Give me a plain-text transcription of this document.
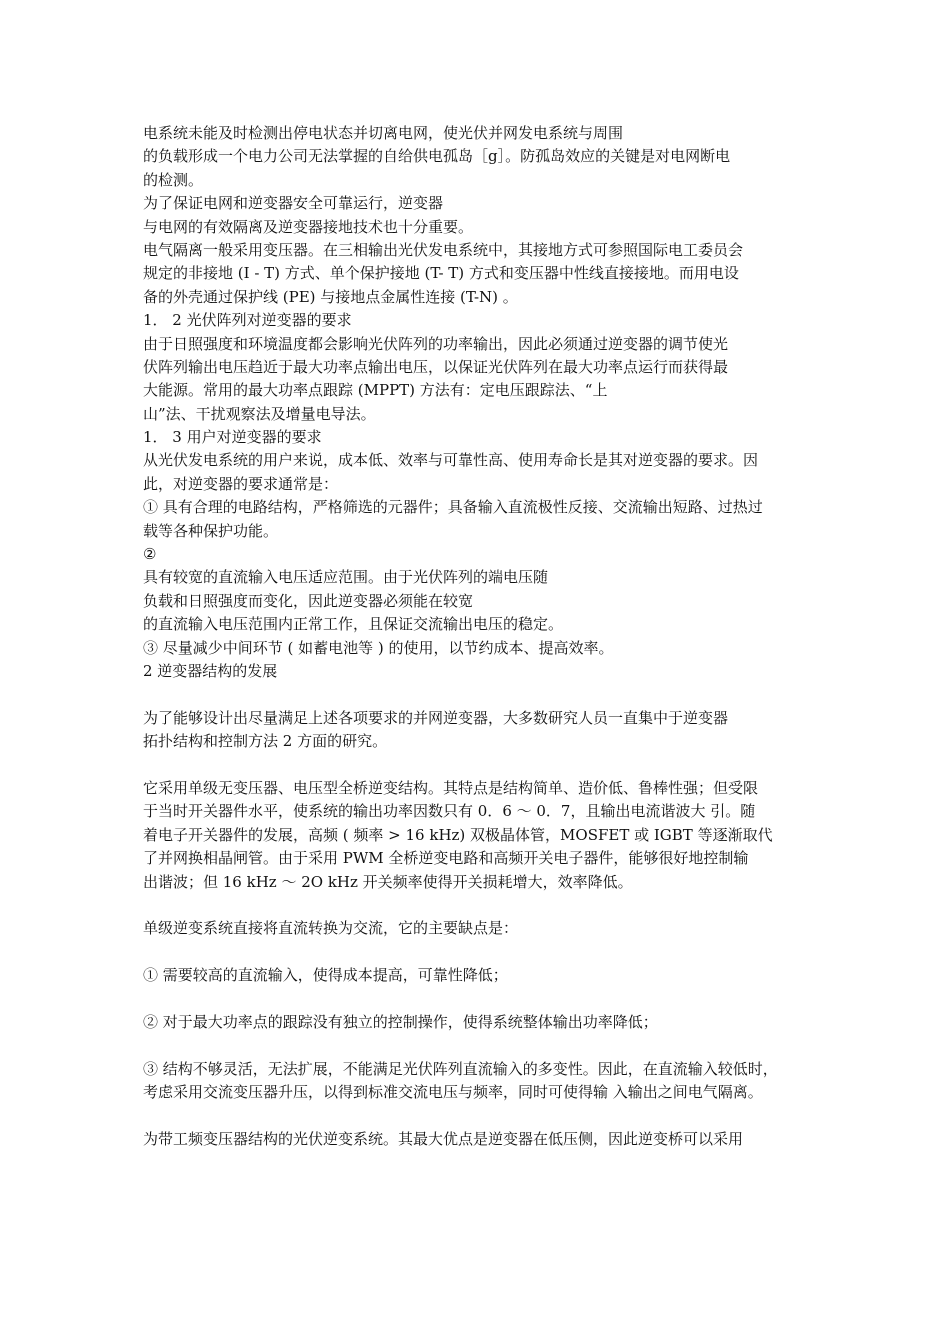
电系统未能及时检测出停电状态并切离电网，使光伏并网发电系统与周围
的负载形成一个电力公司无法掌握的自给供电孤岛［g］。防孤岛效应的关键是对电网断电
的检测。
为了保证电网和逆变器安全可靠运行，逆变器
与电网的有效隔离及逆变器接地技术也十分重要。
电气隔离一般采用变压器。在三相输出光伏发电系统中，其接地方式可参照国际电工委员会
规定的非接地 (I - T) 方式、单个保护接地 (T- T) 方式和变压器中性线直接接地。而用电设
备的外壳通过保护线 (PE) 与接地点金属性连接 (T-N) 。
1． 2 光伏阵列对逆变器的要求
由于日照强度和环境温度都会影响光伏阵列的功率输出，因此必须通过逆变器的调节使光
伏阵列输出电压趋近于最大功率点输出电压，以保证光伏阵列在最大功率点运行而获得最
大能源。常用的最大功率点跟踪 (MPPT) 方法有：定电压跟踪法、“上
山”法、干扰观察法及增量电导法。
1． 3 用户对逆变器的要求
从光伏发电系统的用户来说，成本低、效率与可靠性高、使用寿命长是其对逆变器的要求。因
此，对逆变器的要求通常是：
① 具有合理的电路结构，严格筛选的元器件；具备输入直流极性反接、交流输出短路、过热过
载等各种保护功能。
②
具有较宽的直流输入电压适应范围。由于光伏阵列的端电压随
负载和日照强度而变化，因此逆变器必须能在较宽
的直流输入电压范围内正常工作，且保证交流输出电压的稳定。
③ 尽量减少中间环节 ( 如蓄电池等 ) 的使用，以节约成本、提高效率。
2 逆变器结构的发展
为了能够设计出尽量满足上述各项要求的并网逆变器，大多数研究人员一直集中于逆变器
拓扑结构和控制方法 2 方面的研究。
它采用单级无变压器、电压型全桥逆变结构。其特点是结构简单、造价低、鲁棒性强；但受限
于当时开关器件水平，使系统的输出功率因数只有 0．6 ～ 0．7，且输出电流谐波大 引。随
着电子开关器件的发展，高频 ( 频率 > 16 kHz) 双极晶体管，MOSFET 或 IGBT 等逐渐取代
了并网换相晶闸管。由于采用 PWM 全桥逆变电路和高频开关电子器件，能够很好地控制输
出谐波；但 16 kHz ～ 2O kHz 开关频率使得开关损耗增大，效率降低。
单级逆变系统直接将直流转换为交流，它的主要缺点是：
① 需要较高的直流输入，使得成本提高，可靠性降低；
② 对于最大功率点的跟踪没有独立的控制操作，使得系统整体输出功率降低；
③ 结构不够灵活，无法扩展，不能满足光伏阵列直流输入的多变性。因此，在直流输入较低时，
考虑采用交流变压器升压，以得到标准交流电压与频率，同时可使得输 入输出之间电气隔离。
为带工频变压器结构的光伏逆变系统。其最大优点是逆变器在低压侧，因此逆变桥可以采用
